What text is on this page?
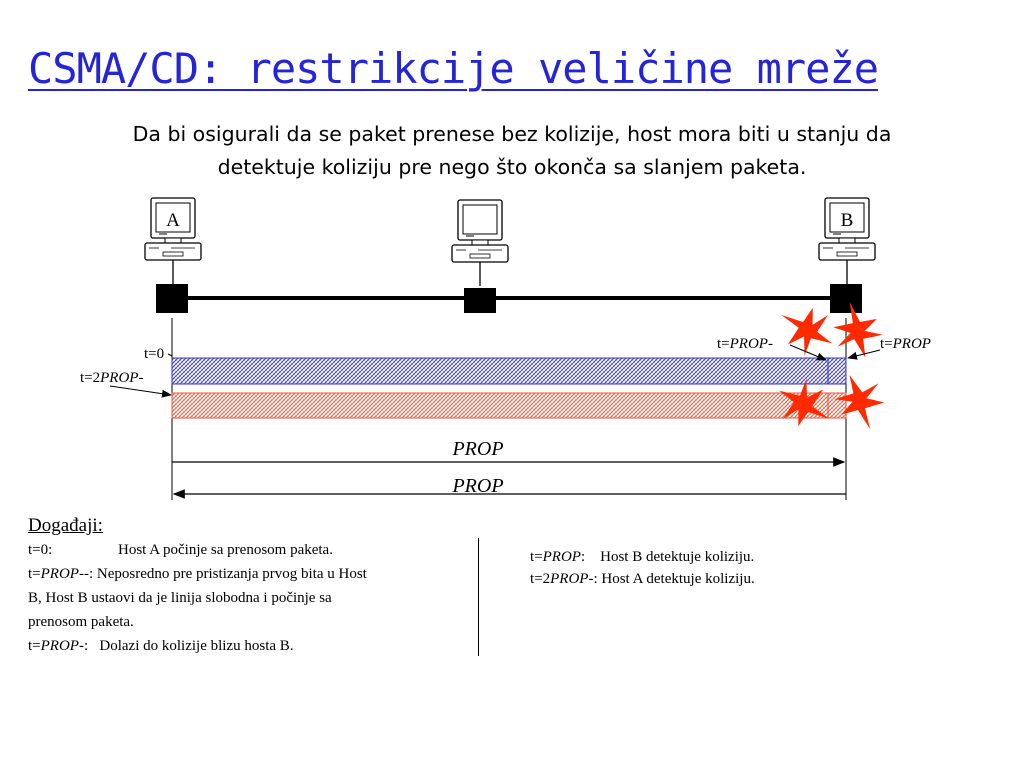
CSMA/CD: restrikcije veličine mreže
Da bi osigurali da se paket prenese bez kolizije, host mora biti u stanju da
detektuje koliziju pre nego što okonča sa slanjem paketa.
A	B
t=0
t=2PROP-
t=PROP-	t=PROP
PROP
PROP
Događaji:
t=0:	Host A počinje sa prenosom paketa.
t=PROP--: Neposredno pre pristizanja prvog bita u Host
B, Host B ustaovi da je linija slobodna i počinje sa
prenosom paketa.
t=PROP-:   Dolazi do kolizije blizu hosta B.
t=PROP:    Host B detektuje koliziju.
t=2PROP-: Host A detektuje koliziju.
